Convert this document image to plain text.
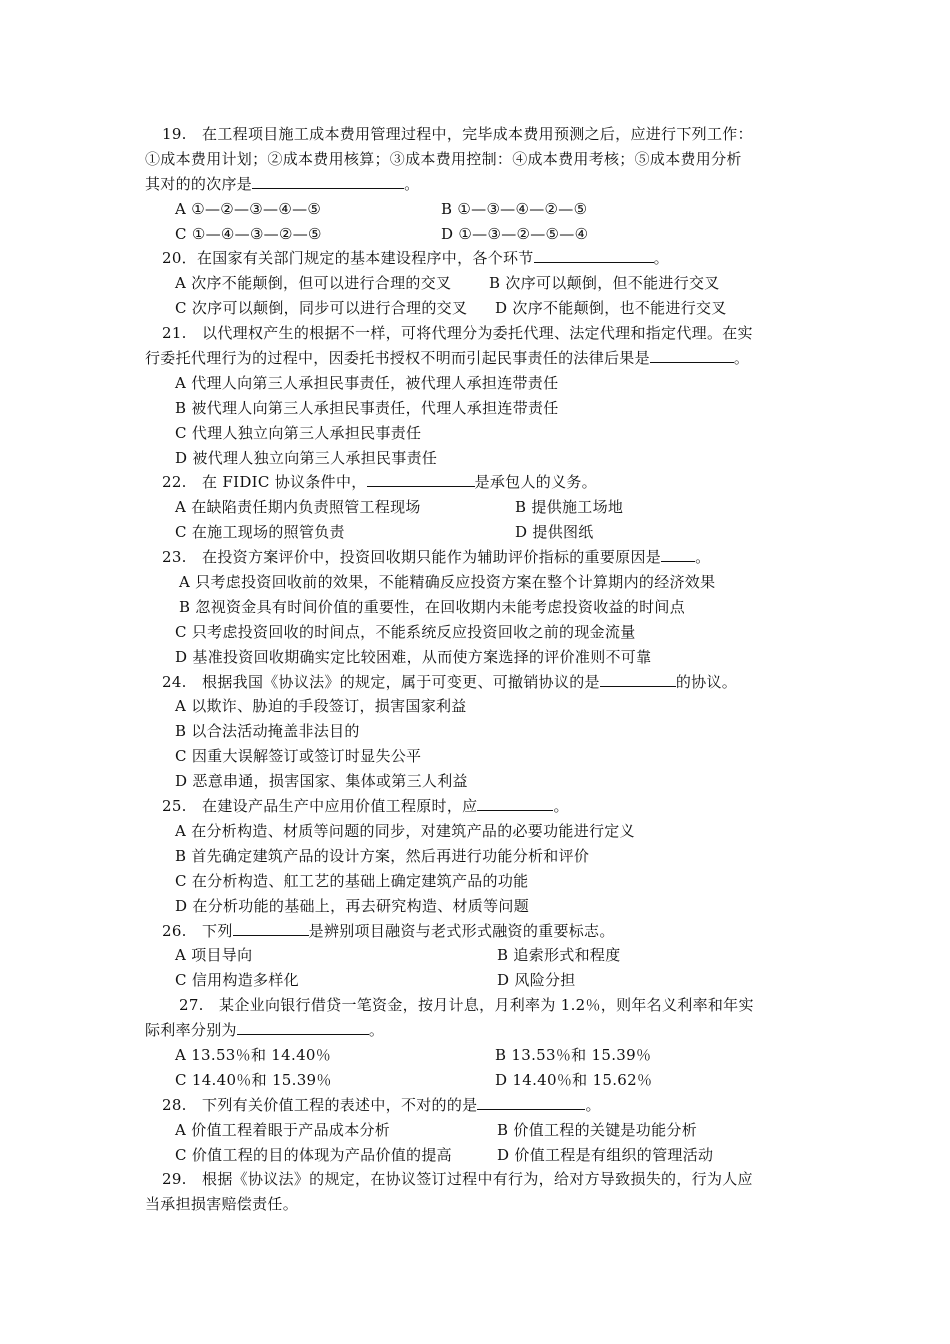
19.　在工程项目施工成本费用管理过程中，完毕成本费用预测之后，应进行下列工作：
①成本费用计划；②成本费用核算；③成本费用控制：④成本费用考核；⑤成本费用分析
其对的的次序是	。
A ①—②—③—④—⑤	B ①—③—④—②—⑤
C ①—④—③—②—⑤	D ①—③—②—⑤—④
20．在国家有关部门规定的基本建设程序中，各个环节	。
A 次序不能颠倒，但可以进行合理的交叉	B 次序可以颠倒，但不能进行交叉
C 次序可以颠倒，同步可以进行合理的交叉 D 次序不能颠倒，也不能进行交叉
21.　以代理权产生的根据不一样，可将代理分为委托代理、法定代理和指定代理。在实
行委托代理行为的过程中，因委托书授权不明而引起民事责任的法律后果是	。
A 代理人向第三人承担民事责任，被代理人承担连带责任
B 被代理人向第三人承担民事责任，代理人承担连带责任
C 代理人独立向第三人承担民事责任
D 被代理人独立向第三人承担民事责任
22.　在 FIDIC 协议条件中，	是承包人的义务。
A 在缺陷责任期内负责照管工程现场	B 提供施工场地
C 在施工现场的照管负责	D 提供图纸
23.　在投资方案评价中，投资回收期只能作为辅助评价指标的重要原因是 。
A 只考虑投资回收前的效果，不能精确反应投资方案在整个计算期内的经济效果
B 忽视资金具有时间价值的重要性，在回收期内未能考虑投资收益的时间点
C 只考虑投资回收的时间点，不能系统反应投资回收之前的现金流量
D 基准投资回收期确实定比较困难，从而使方案选择的评价准则不可靠
24.　根据我国《协议法》的规定，属于可变更、可撤销协议的是	的协议。
A 以欺诈、胁迫的手段签订，损害国家利益
B 以合法活动掩盖非法目的
C 因重大误解签订或签订时显失公平
D 恶意串通，损害国家、集体或第三人利益
25.　在建设产品生产中应用价值工程原时，应	。
A 在分析构造、材质等问题的同步，对建筑产品的必要功能进行定义
B 首先确定建筑产品的设计方案，然后再进行功能分析和评价
C 在分析构造、舡工艺的基础上确定建筑产品的功能
D 在分析功能的基础上，再去研究构造、材质等问题
26.　下列	是辨别项目融资与老式形式融资的重要标志。
A 项目导向	B 追索形式和程度
C 信用构造多样化	D 风险分担
27.　某企业向银行借贷一笔资金，按月计息，月利率为 1.2％，则年名义利率和年实
际利率分别为	。
A 13.53％和 14.40％	B 13.53％和 15.39％
C 14.40％和 15.39％	D 14.40％和 15.62％
28.　下列有关价值工程的表述中，不对的的是	。
A 价值工程着眼于产品成本分析	B 价值工程的关键是功能分析
C 价值工程的目的体现为产品价值的提高	D 价值工程是有组织的管理活动
29.　根据《协议法》的规定，在协议签订过程中有行为，给对方导致损失的，行为人应
当承担损害赔偿责任。
